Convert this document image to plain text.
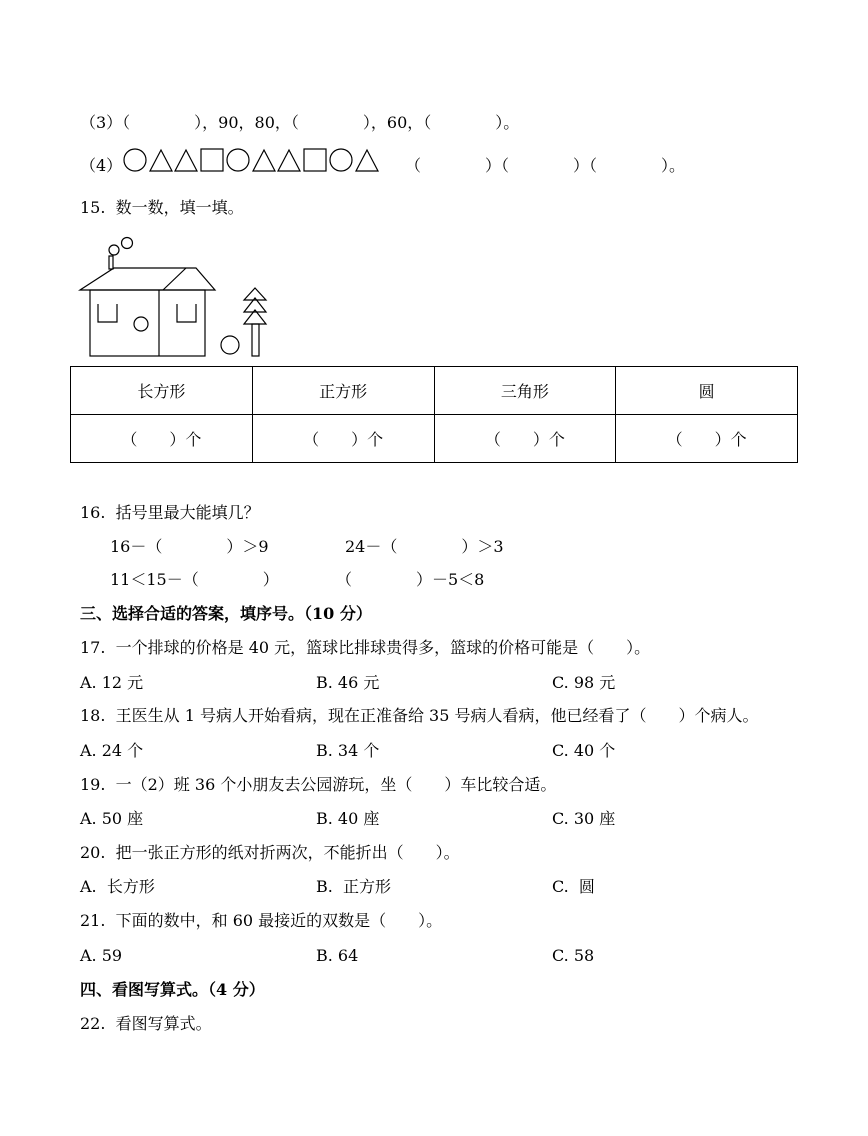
（3）（　　　　），90，80，（　　　　），60，（　　　　）。
（4）	（　　　　）（　　　　）（　　　　）。
15.  数一数，填一填。
长方形	正方形	三角形	圆
（　　）个	（　　）个	（　　）个	（　　）个
16.  括号里最大能填几？
16－（　　　　）＞9	24－（　　　　）＞3
11＜15－（　　　　）	（　　　　）－5＜8
三、选择合适的答案，填序号。（10 分）
17.  一个排球的价格是 40 元，篮球比排球贵得多，篮球的价格可能是（　　）。
A. 12 元	B. 46 元	C. 98 元
18.  王医生从 1 号病人开始看病，现在正准备给 35 号病人看病，他已经看了（　　）个病人。
A. 24 个	B. 34 个	C. 40 个
19.  一（2）班 36 个小朋友去公园游玩，坐（　　）车比较合适。
A. 50 座	B. 40 座	C. 30 座
20.  把一张正方形的纸对折两次，不能折出（　　）。
A.  长方形	B.  正方形	C.  圆
21.  下面的数中，和 60 最接近的双数是（　　）。
A. 59	B. 64	C. 58
四、看图写算式。（4 分）
22.  看图写算式。
